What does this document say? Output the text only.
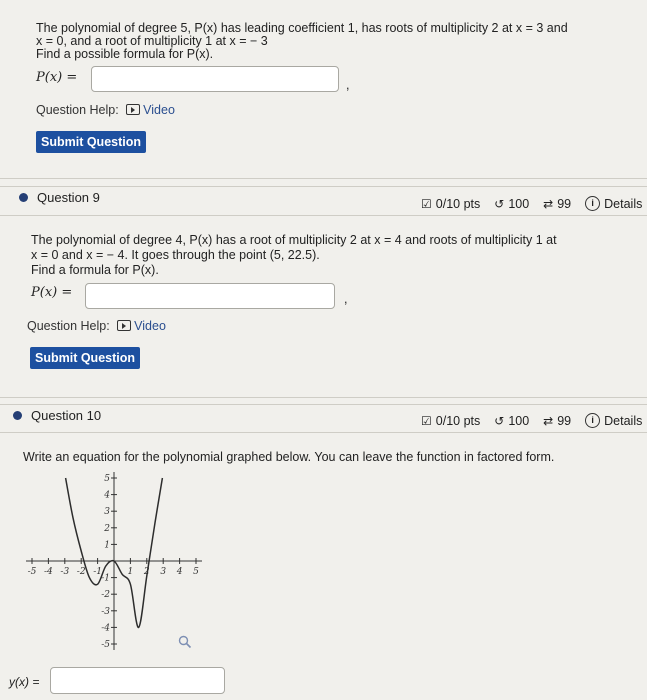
The polynomial of degree 5, P(x) has leading coefficient 1, has roots of multiplicity 2 at x = 3 and
x = 0, and a root of multiplicity 1 at x = − 3
Find a possible formula for P(x).
P(x) =	,
Question Help: Video
Submit Question
Question 9	☑ 0/10 pts ↺ 100 ⇄ 99	i Details
The polynomial of degree 4, P(x) has a root of multiplicity 2 at x = 4 and roots of multiplicity 1 at
x = 0 and x = − 4. It goes through the point (5, 22.5).
Find a formula for P(x).
P(x) =	,
Question Help: Video
Submit Question
Question 10	☑ 0/10 pts ↺ 100 ⇄ 99	i Details
Write an equation for the polynomial graphed below. You can leave the function in factored form.
-5 -4 -3 -2 -1	1 2 3 4 5
5
4
3
2
1
-1
-2
-3
-4
-5
y(x) =
